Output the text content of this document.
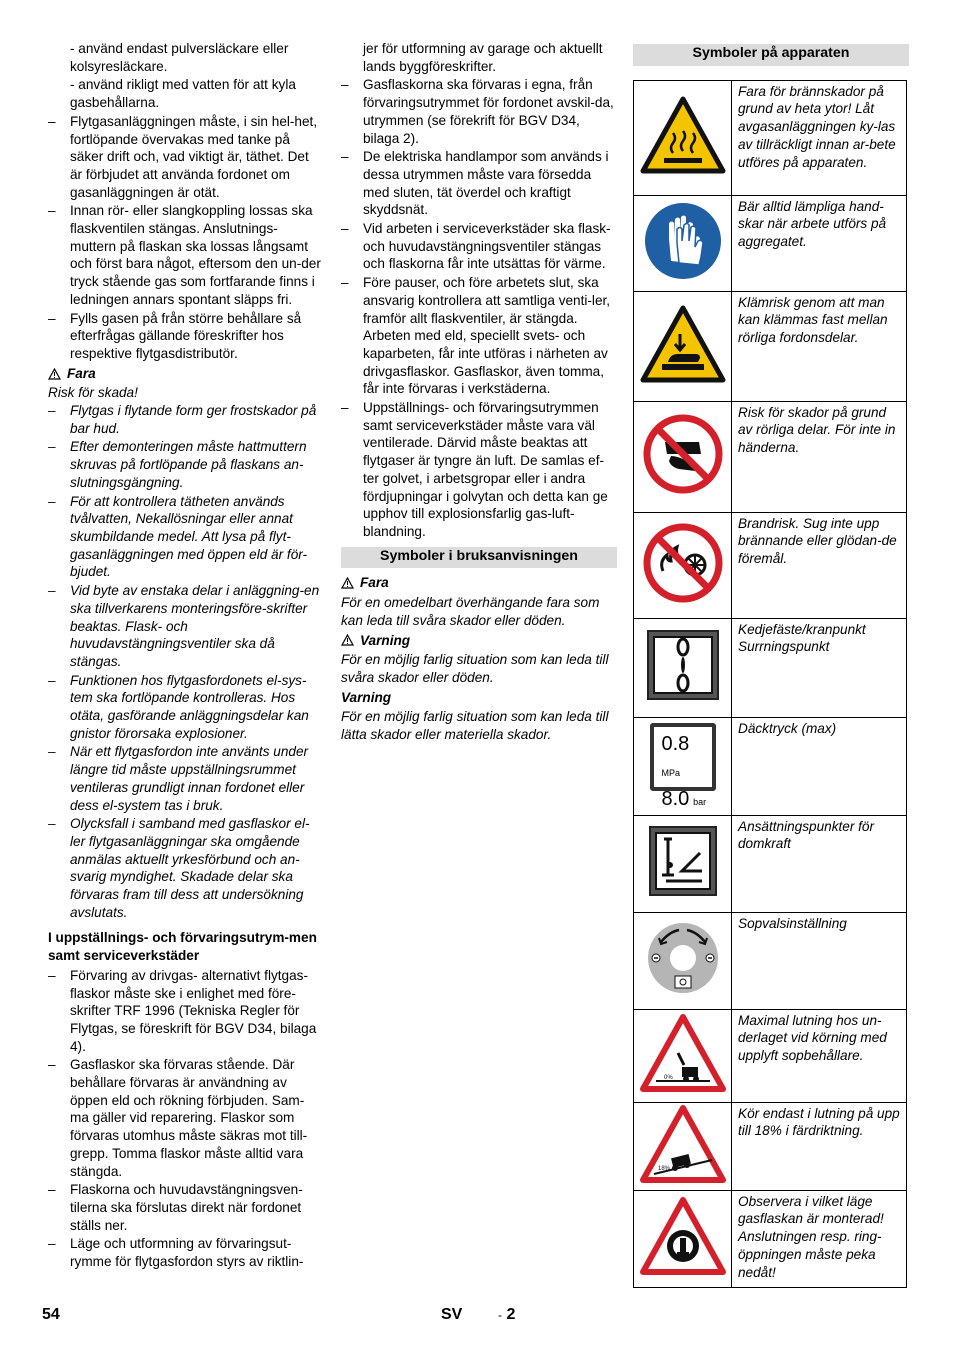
- använd endast pulversläckare eller kolsyresläckare.

- använd rikligt med vatten för att kyla gasbehållarna.

– Flytgasanläggningen måste, i sin hel-het, fortlöpande övervakas med tanke på säker drift och, vad viktigt är, täthet. Det är förbjudet att använda fordonet om gasanläggningen är otät.

– Innan rör- eller slangkoppling lossas ska flaskventilen stängas. Anslutnings-muttern på flaskan ska lossas långsamt och först bara något, eftersom den un-der tryck stående gas som fortfarande finns i ledningen annars spontant släpps fri.

– Fylls gasen på från större behållare så efterfrågas gällande föreskrifter hos respektive flytgasdistributör.

Fara

Risk för skada!

– Flytgas i flytande form ger frostskador på bar hud.

– Efter demonteringen måste hattmuttern skruvas på fortlöpande på flaskans an-slutningsgängning.

– För att kontrollera tätheten används tvålvatten, Nekallösningar eller annat skumbildande medel. Att lysa på flyt-gasanläggningen med öppen eld är för-bjudet.

– Vid byte av enstaka delar i anläggning-en ska tillverkarens monteringsföre-skrifter beaktas. Flask- och huvudavstängningsventiler ska då stängas.

– Funktionen hos flytgasfordonets el-sys-tem ska fortlöpande kontrolleras. Hos otäta, gasförande anläggningsdelar kan gnistor förorsaka explosioner.

– När ett flytgasfordon inte använts under längre tid måste uppställningsrummet ventileras grundligt innan fordonet eller dess el-system tas i bruk.

– Olycksfall i samband med gasflaskor el-ler flytgasanläggningar ska omgående anmälas aktuellt yrkesförbund och an-svarig myndighet. Skadade delar ska förvaras fram till dess att undersökning avslutats.

I uppställnings- och förvaringsutrym-men samt serviceverkstäder

– Förvaring av drivgas- alternativt flytgas-flaskor måste ske i enlighet med före-skrifter TRF 1996 (Tekniska Regler för Flytgas, se föreskrift för BGV D34, bilaga 4).

– Gasflaskor ska förvaras stående. Där behållare förvaras är användning av öppen eld och rökning förbjuden. Sam-ma gäller vid reparering. Flaskor som förvaras utomhus måste säkras mot till-grepp. Tomma flaskor måste alltid vara stängda.

– Flaskorna och huvudavstängningsven-tilerna ska förslutas direkt när fordonet ställs ner.

– Läge och utformning av förvaringsut-rymme för flytgasfordon styrs av riktlin-

jer för utformning av garage och aktuellt lands byggföreskrifter.

– Gasflaskorna ska förvaras i egna, från förvaringsutrymmet för fordonet avskil-da, utrymmen (se förekrift för BGV D34, bilaga 2).

– De elektriska handlampor som används i dessa utrymmen måste vara försedda med sluten, tät överdel och kraftigt skyddsnät.

– Vid arbeten i serviceverkstäder ska flask- och huvudavstängningsventiler stängas och flaskorna får inte utsättas för värme.

– Före pauser, och före arbetets slut, ska ansvarig kontrollera att samtliga venti-ler, framför allt flaskventiler, är stängda. Arbeten med eld, speciellt svets- och kaparbeten, får inte utföras i närheten av drivgasflaskor. Gasflaskor, även tomma, får inte förvaras i verkstäderna.

– Uppställnings- och förvaringsutrymmen samt serviceverkstäder måste vara väl ventilerade. Därvid måste beaktas att flytgaser är tyngre än luft. De samlas ef-ter golvet, i arbetsgropar eller i andra fördjupningar i golvytan och detta kan ge upphov till explosionsfarlig gas-luft-blandning.

Symboler i bruksanvisningen
Fara

För en omedelbart överhängande fara som kan leda till svåra skador eller döden.

Varning

För en möjlig farlig situation som kan leda till svåra skador eller döden.

Varning

För en möjlig farlig situation som kan leda till lätta skador eller materiella skador.

Symboler på apparaten
	Fara för brännskador på grund av heta ytor! Låt avgasanläggningen ky-las av tillräckligt innan ar-bete utföres på apparaten.
	Bär alltid lämpliga hand-skar när arbete utförs på aggregatet.
	Klämrisk genom att man kan klämmas fast mellan rörliga fordonsdelar.
	Risk för skador på grund av rörliga delar. För inte in händerna.
	Brandrisk. Sug inte upp brännande eller glödan-de föremål.
	Kedjefäste/kranpunkt Surrningspunkt

0.8 MPa
8.0 bar	Däcktryck (max)
	Ansättningspunkter för domkraft
	Sopvalsinställning

0%	Maximal lutning hos un-derlaget vid körning med upplyft sopbehållare.

18%	Kör endast i lutning på upp till 18% i färdriktning.
	Observera i vilket läge gasflaskan är monterad! Anslutningen resp. ring-öppningen måste peka nedåt!
54	SV	- 2
